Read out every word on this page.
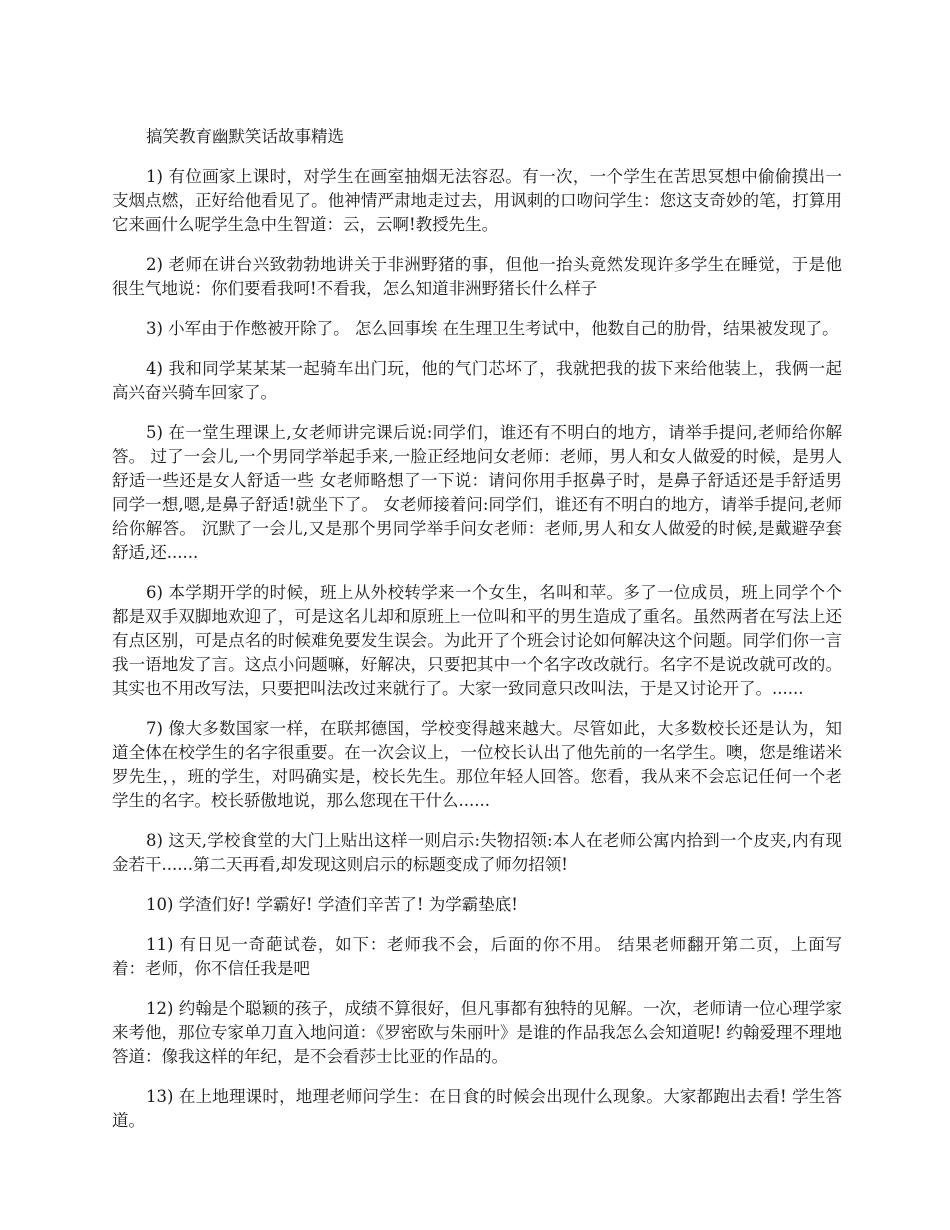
搞笑教育幽默笑话故事精选

1) 有位画家上课时，对学生在画室抽烟无法容忍。有一次，一个学生在苦思冥想中偷偷摸出一支烟点燃，正好给他看见了。他神情严肃地走过去，用讽刺的口吻问学生：您这支奇妙的笔，打算用它来画什么呢学生急中生智道：云，云啊!教授先生。

2) 老师在讲台兴致勃勃地讲关于非洲野猪的事，但他一抬头竟然发现许多学生在睡觉，于是他很生气地说：你们要看我呵!不看我，怎么知道非洲野猪长什么样子

3) 小军由于作憋被开除了。 怎么回事埃 在生理卫生考试中，他数自己的肋骨，结果被发现了。

4) 我和同学某某某一起骑车出门玩，他的气门芯坏了，我就把我的拔下来给他装上，我俩一起高兴奋兴骑车回家了。

5) 在一堂生理课上,女老师讲完课后说:同学们，谁还有不明白的地方，请举手提问,老师给你解答。 过了一会儿,一个男同学举起手来,一脸正经地问女老师：老师，男人和女人做爱的时候，是男人舒适一些还是女人舒适一些 女老师略想了一下说：请问你用手抠鼻子时，是鼻子舒适还是手舒适男同学一想,嗯,是鼻子舒适!就坐下了。 女老师接着问:同学们，谁还有不明白的地方，请举手提问,老师给你解答。 沉默了一会儿,又是那个男同学举手问女老师：老师,男人和女人做爱的时候,是戴避孕套舒适,还......

6) 本学期开学的时候，班上从外校转学来一个女生，名叫和苹。多了一位成员，班上同学个个都是双手双脚地欢迎了，可是这名儿却和原班上一位叫和平的男生造成了重名。虽然两者在写法上还有点区别，可是点名的时候难免要发生误会。为此开了个班会讨论如何解决这个问题。同学们你一言我一语地发了言。这点小问题嘛，好解决，只要把其中一个名字改改就行。名字不是说改就可改的。其实也不用改写法，只要把叫法改过来就行了。大家一致同意只改叫法，于是又讨论开了。......

7) 像大多数国家一样，在联邦德国，学校变得越来越大。尽管如此，大多数校长还是认为，知道全体在校学生的名字很重要。在一次会议上，一位校长认出了他先前的一名学生。噢，您是维诺米罗先生，，班的学生，对吗确实是，校长先生。那位年轻人回答。您看，我从来不会忘记任何一个老学生的名字。校长骄傲地说，那么您现在干什么......

8) 这天,学校食堂的大门上贴出这样一则启示:失物招领:本人在老师公寓内拾到一个皮夹,内有现金若干......第二天再看,却发现这则启示的标题变成了师勿招领!

10) 学渣们好! 学霸好! 学渣们辛苦了! 为学霸垫底!

11) 有日见一奇葩试卷，如下：老师我不会，后面的你不用。 结果老师翻开第二页，上面写着：老师，你不信任我是吧

12) 约翰是个聪颖的孩子，成绩不算很好，但凡事都有独特的见解。一次，老师请一位心理学家来考他，那位专家单刀直入地问道：《罗密欧与朱丽叶》是谁的作品我怎么会知道呢! 约翰爱理不理地答道：像我这样的年纪，是不会看莎士比亚的作品的。

13) 在上地理课时，地理老师问学生：在日食的时候会出现什么现象。大家都跑出去看! 学生答道。
